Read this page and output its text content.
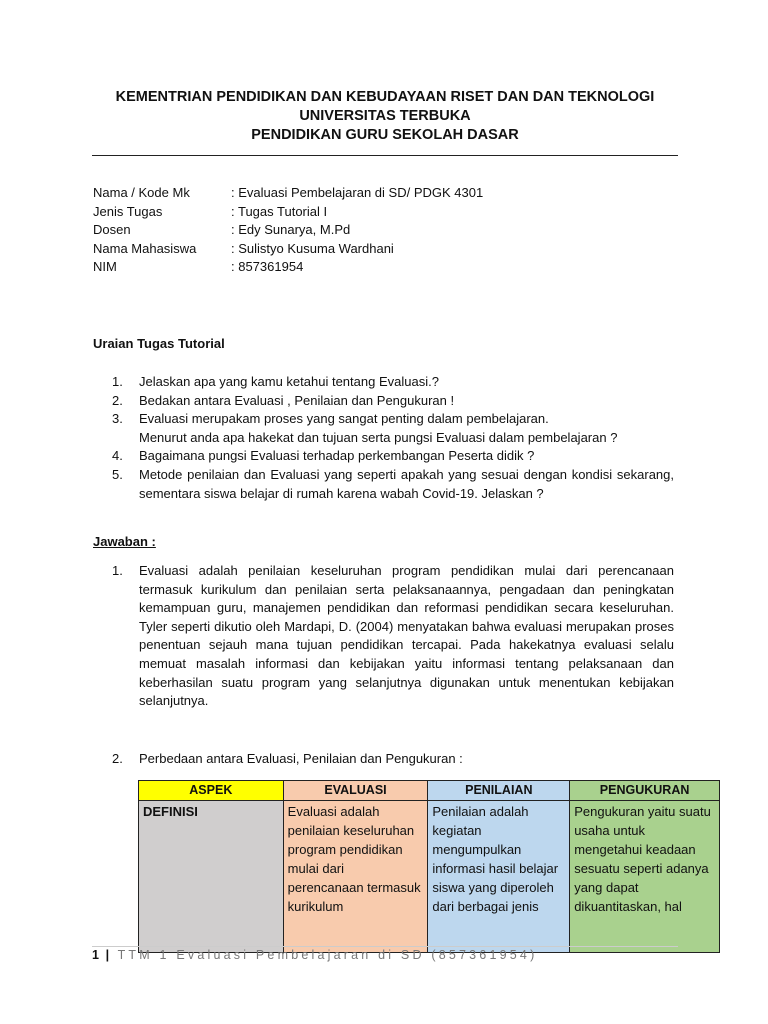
KEMENTRIAN PENDIDIKAN DAN KEBUDAYAAN RISET DAN DAN TEKNOLOGI
UNIVERSITAS TERBUKA
PENDIDIKAN GURU SEKOLAH DASAR
Nama / Kode Mk	: Evaluasi Pembelajaran di SD/ PDGK 4301
Jenis Tugas	: Tugas Tutorial I
Dosen	: Edy Sunarya, M.Pd
Nama Mahasiswa	: Sulistyo Kusuma Wardhani
NIM	: 857361954
Uraian Tugas Tutorial
1.	Jelaskan apa yang kamu ketahui tentang Evaluasi.?
2.	Bedakan antara Evaluasi , Penilaian dan Pengukuran !
3.	Evaluasi merupakam proses yang sangat penting dalam pembelajaran.
Menurut anda apa hakekat dan tujuan serta pungsi Evaluasi dalam pembelajaran ?
4.	Bagaimana pungsi Evaluasi terhadap perkembangan Peserta didik ?
5.	Metode penilaian dan Evaluasi yang seperti apakah yang sesuai dengan kondisi sekarang, sementara siswa belajar di rumah karena wabah Covid-19. Jelaskan ?
Jawaban :
1.	Evaluasi adalah penilaian keseluruhan program pendidikan mulai dari perencanaan termasuk kurikulum dan penilaian serta pelaksanaannya, pengadaan dan peningkatan kemampuan guru, manajemen pendidikan dan reformasi pendidikan secara keseluruhan. Tyler seperti dikutio oleh Mardapi, D. (2004) menyatakan bahwa evaluasi merupakan proses penentuan sejauh mana tujuan pendidikan tercapai. Pada hakekatnya evaluasi selalu memuat masalah informasi dan kebijakan yaitu informasi tentang pelaksanaan dan keberhasilan suatu program yang selanjutnya digunakan untuk menentukan kebijakan selanjutnya.
2.	Perbedaan antara Evaluasi, Penilaian dan Pengukuran :
ASPEK	EVALUASI	PENILAIAN	PENGUKURAN
DEFINISI	Evaluasi adalah penilaian keseluruhan program pendidikan mulai dari perencanaan termasuk kurikulum	Penilaian adalah kegiatan mengumpulkan informasi hasil belajar siswa yang diperoleh dari berbagai jenis	Pengukuran yaitu suatu usaha untuk mengetahui keadaan sesuatu seperti adanya yang dapat dikuantitaskan, hal
1 | TTM 1 Evaluasi Pembelajaran di SD (857361954)
